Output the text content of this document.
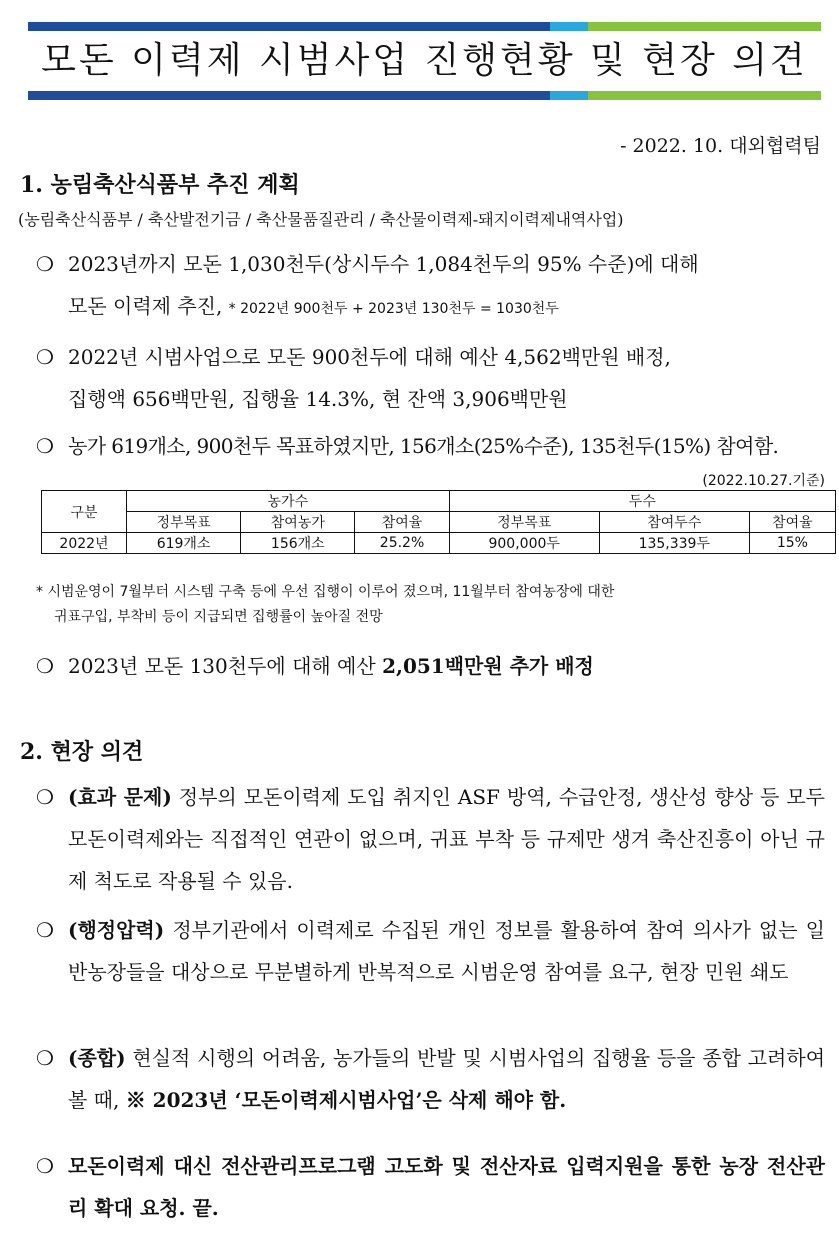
모돈 이력제 시범사업 진행현황 및 현장 의견
- 2022. 10. 대외협력팀
1. 농림축산식품부 추진 계획
(농림축산식품부 / 축산발전기금 / 축산물품질관리 / 축산물이력제-돼지이력제내역사업)
❍ 2023년까지 모돈 1,030천두(상시두수 1,084천두의 95% 수준)에 대해
모돈 이력제 추진, * 2022년 900천두 + 2023년 130천두 = 1030천두
❍ 2022년 시범사업으로 모돈 900천두에 대해 예산 4,562백만원 배정,
집행액 656백만원, 집행율 14.3%, 현 잔액 3,906백만원
❍ 농가 619개소, 900천두 목표하였지만, 156개소(25%수준), 135천두(15%) 참여함.
(2022.10.27.기준)
구분	농가수			두수		
	정부목표	참여농가	참여율	정부목표	참여두수	참여율
2022년	619개소	156개소	25.2%	900,000두	135,339두	15%
* 시범운영이 7월부터 시스템 구축 등에 우선 집행이 이루어 졌으며, 11월부터 참여농장에 대한
귀표구입, 부착비 등이 지급되면 집행률이 높아질 전망
❍ 2023년 모돈 130천두에 대해 예산 2,051백만원 추가 배정
2. 현장 의견
❍ (효과 문제) 정부의 모돈이력제 도입 취지인 ASF 방역, 수급안정, 생산성 향상 등 모두 모돈이력제와는 직접적인 연관이 없으며, 귀표 부착 등 규제만 생겨 축산진흥이 아닌 규제 척도로 작용될 수 있음.
❍ (행정압력) 정부기관에서 이력제로 수집된 개인 정보를 활용하여 참여 의사가 없는 일반농장들을 대상으로 무분별하게 반복적으로 시범운영 참여를 요구, 현장 민원 쇄도
❍ (종합) 현실적 시행의 어려움, 농가들의 반발 및 시범사업의 집행율 등을 종합 고려하여 볼 때, ※ 2023년 ‘모돈이력제시범사업’은 삭제 해야 함.
❍ 모돈이력제 대신 전산관리프로그램 고도화 및 전산자료 입력지원을 통한 농장 전산관리 확대 요청. 끝.
